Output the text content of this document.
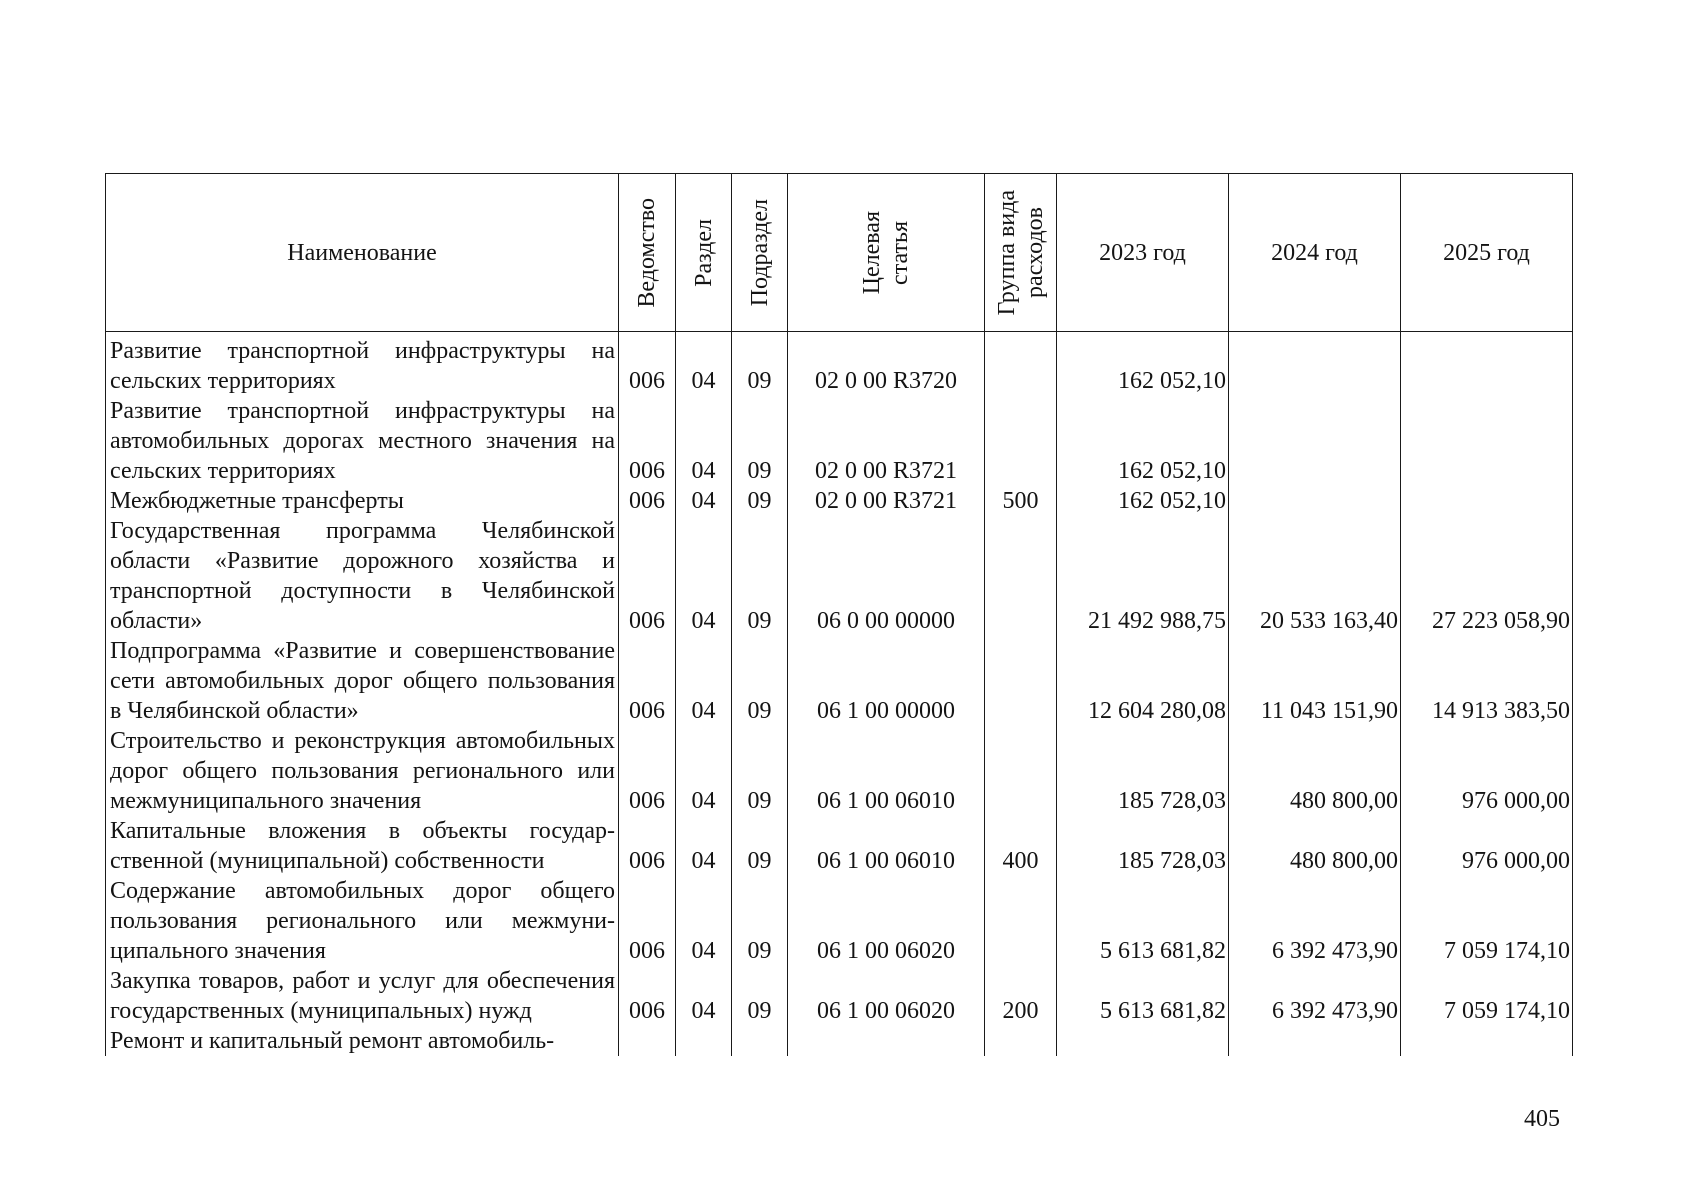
Наименование	Ведомство	Раздел	Подраздел	Целевая статья	Группа вида расходов	2023 год	2024 год	2025 год
Развитие транспортной инфраструктуры на сельских территориях	006	04	09	02 0 00 R3720		162 052,10		
Развитие транспортной инфраструктуры на автомобильных дорогах местного значения на сельских территориях	006	04	09	02 0 00 R3721		162 052,10		
Межбюджетные трансферты	006	04	09	02 0 00 R3721	500	162 052,10		
Государственная программа Челябинской области «Развитие дорожного хозяйства и транспортной доступности в Челябинской области»	006	04	09	06 0 00 00000		21 492 988,75	20 533 163,40	27 223 058,90
Подпрограмма «Развитие и совершенствование сети автомобильных дорог общего пользования в Челябинской области»	006	04	09	06 1 00 00000		12 604 280,08	11 043 151,90	14 913 383,50
Строительство и реконструкция автомобильных дорог общего пользования регионального или межмуниципального значения	006	04	09	06 1 00 06010		185 728,03	480 800,00	976 000,00
Капитальные вложения в объекты государственной (муниципальной) собственности	006	04	09	06 1 00 06010	400	185 728,03	480 800,00	976 000,00
Содержание автомобильных дорог общего пользования регионального или межмуниципального значения	006	04	09	06 1 00 06020		5 613 681,82	6 392 473,90	7 059 174,10
Закупка товаров, работ и услуг для обеспечения государственных (муниципальных) нужд	006	04	09	06 1 00 06020	200	5 613 681,82	6 392 473,90	7 059 174,10
Ремонт и капитальный ремонт автомобиль-								
405
